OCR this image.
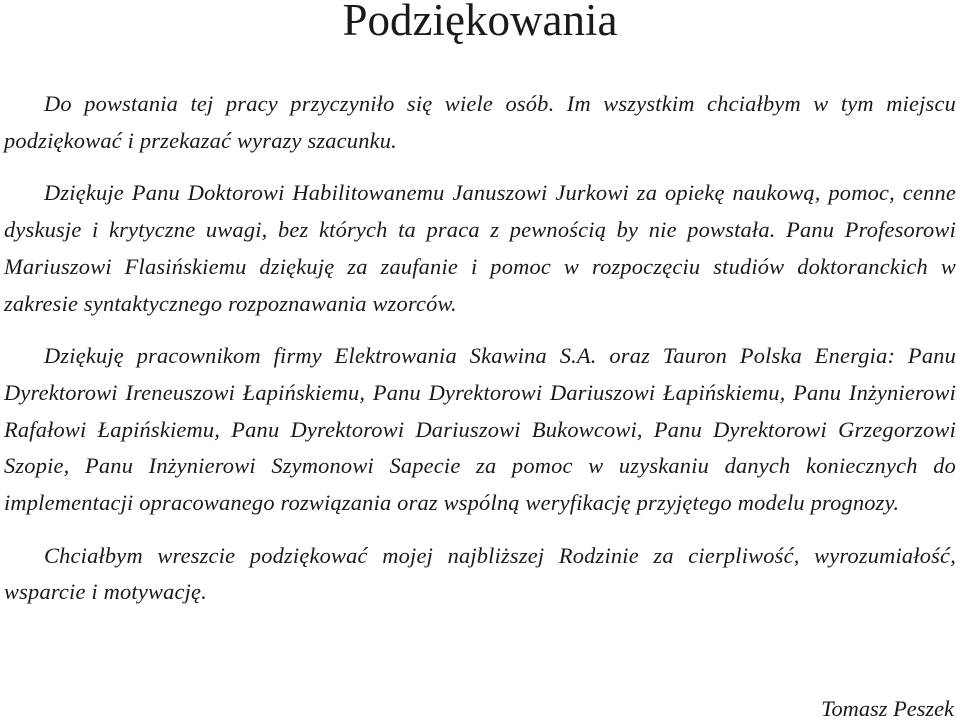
Podziękowania

Do powstania tej pracy przyczyniło się wiele osób. Im wszystkim chciałbym w tym miejscu podziękować i przekazać wyrazy szacunku.

Dziękuje Panu Doktorowi Habilitowanemu Januszowi Jurkowi za opiekę naukową, pomoc, cenne dyskusje i krytyczne uwagi, bez których ta praca z pewnością by nie powstała. Panu Profesorowi Mariuszowi Flasińskiemu dziękuję za zaufanie i pomoc w rozpoczęciu studiów doktoranckich w zakresie syntaktycznego rozpoznawania wzorców.

Dziękuję pracownikom firmy Elektrowania Skawina S.A. oraz Tauron Polska Energia: Panu Dyrektorowi Ireneuszowi Łapińskiemu, Panu Dyrektorowi Dariuszowi Łapińskiemu, Panu Inżynierowi Rafałowi Łapińskiemu, Panu Dyrektorowi Dariuszowi Bukowcowi, Panu Dyrektorowi Grzegorzowi Szopie, Panu Inżynierowi Szymonowi Sapecie za pomoc w uzyskaniu danych koniecznych do implementacji opracowanego rozwiązania oraz wspólną weryfikację przyjętego modelu prognozy.

Chciałbym wreszcie podziękować mojej najbliższej Rodzinie za cierpliwość, wyrozumiałość, wsparcie i motywację.

Tomasz Peszek
